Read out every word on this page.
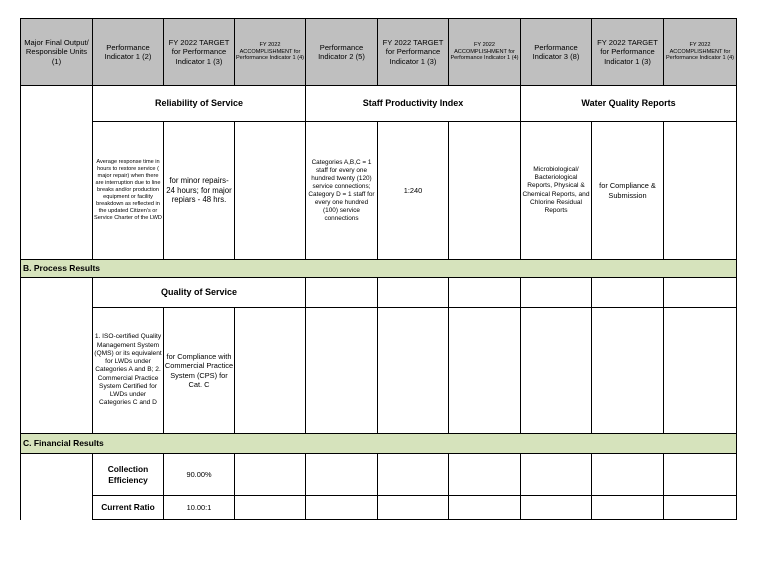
Major Final Output/ Responsible Units (1)	Performance Indicator 1 (2)	FY 2022 TARGET for Performance Indicator 1 (3)	FY 2022 ACCOMPLISHMENT for Performance Indicator 1 (4)	Performance Indicator 2 (5)	FY 2022 TARGET for Performance Indicator 1 (3)	FY 2022 ACCOMPLISHMENT for Performance Indicator 1 (4)	Performance Indicator 3 (8)	FY 2022 TARGET for Performance Indicator 1 (3)	FY 2022 ACCOMPLISHMENT for Performance Indicator 1 (4)
	Reliability of Service			Staff Productivity Index			Water Quality Reports		
	Average response time in hours to restore service ( major repair) when there are interruption due to line breaks and/or production equipment or facility breakdown as reflected in the updated Citizen's or Service Charter of the LWD	for minor repairs- 24 hours; for major repiars - 48 hrs.		Categories A,B,C = 1 staff for every one hundred twenty (120) service connections; Category D = 1 staff for every one hundred (100) service connections	1:240		Microbiological/ Bacteriological Reports, Physical & Chemical Reports, and Chlorine Residual Reports	for Compliance & Submission	
B. Process Results									
	Quality of Service								
	1. ISO-certified Quality Management System (QMS) or its equivalent for LWDs under Categories A and B; 2. Commercial Practice System Certified for LWDs under Categories C and D	for Compliance with Commercial Practice System (CPS) for Cat. C							
C. Financial Results									
	Collection Efficiency	90.00%							
	Current Ratio	10.00:1							
